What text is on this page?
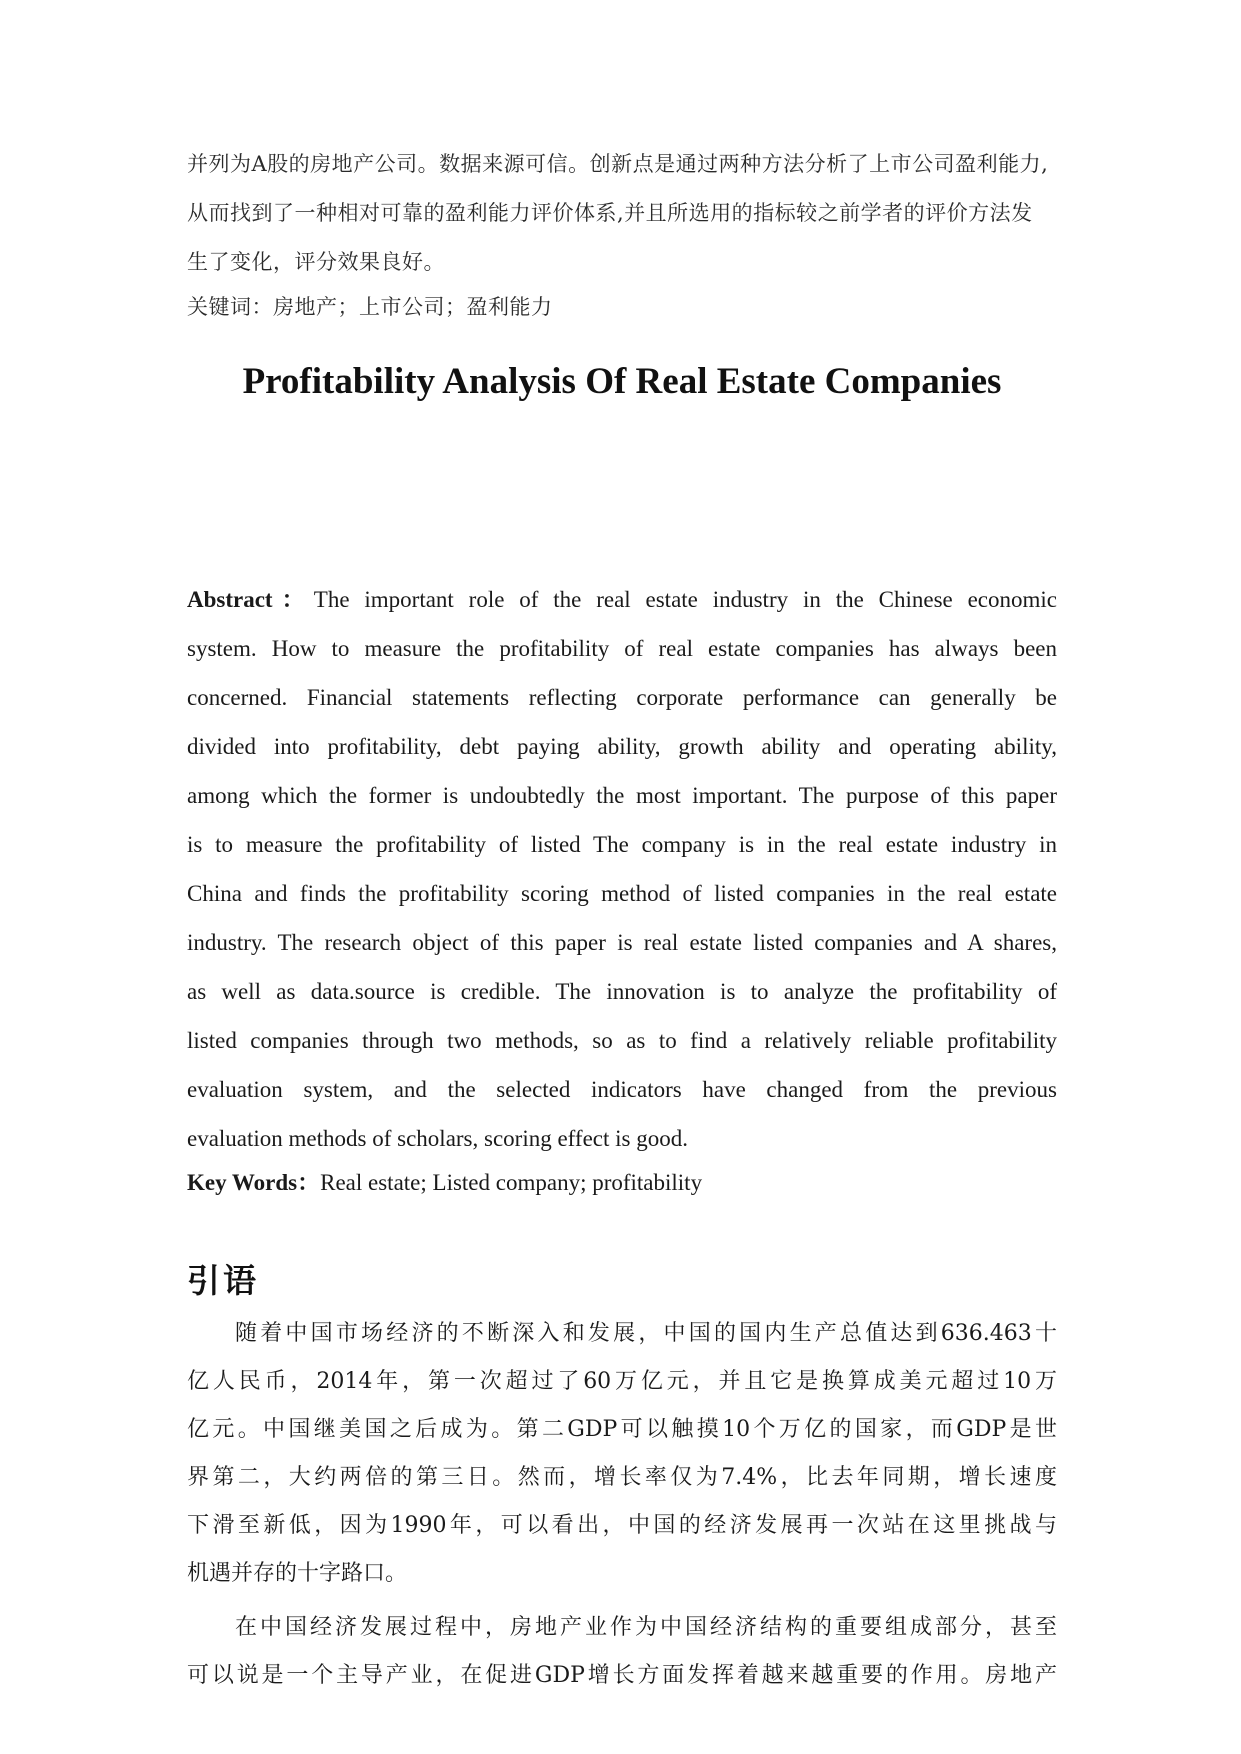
并列为A股的房地产公司。数据来源可信。创新点是通过两种方法分析了上市公司盈利能力,
从而找到了一种相对可靠的盈利能力评价体系,并且所选用的指标较之前学者的评价方法发
生了变化，评分效果良好。
关键词：房地产；上市公司；盈利能力
Profitability Analysis Of Real Estate Companies
Abstract：The important role of the real estate industry in the Chinese economic
system. How to measure the profitability of real estate companies has always been
concerned. Financial statements reflecting corporate performance can generally be
divided into profitability, debt paying ability, growth ability and operating ability,
among which the former is undoubtedly the most important. The purpose of this paper
is to measure the profitability of listed The company is in the real estate industry in
China and finds the profitability scoring method of listed companies in the real estate
industry. The research object of this paper is real estate listed companies and A shares,
as well as data.source is credible. The innovation is to analyze the profitability of
listed companies through two methods, so as to find a relatively reliable profitability
evaluation system, and the selected indicators have changed from the previous
evaluation methods of scholars, scoring effect is good.
Key Words：Real estate; Listed company; profitability
引语
随着中国市场经济的不断深入和发展，中国的国内生产总值达到636.463十
亿人民币，2014年，第一次超过了60万亿元，并且它是换算成美元超过10万
亿元。中国继美国之后成为。第二GDP可以触摸10个万亿的国家，而GDP是世
界第二，大约两倍的第三日。然而，增长率仅为7.4%，比去年同期，增长速度
下滑至新低，因为1990年，可以看出，中国的经济发展再一次站在这里挑战与
机遇并存的十字路口。
在中国经济发展过程中，房地产业作为中国经济结构的重要组成部分，甚至
可以说是一个主导产业，在促进GDP增长方面发挥着越来越重要的作用。房地产
